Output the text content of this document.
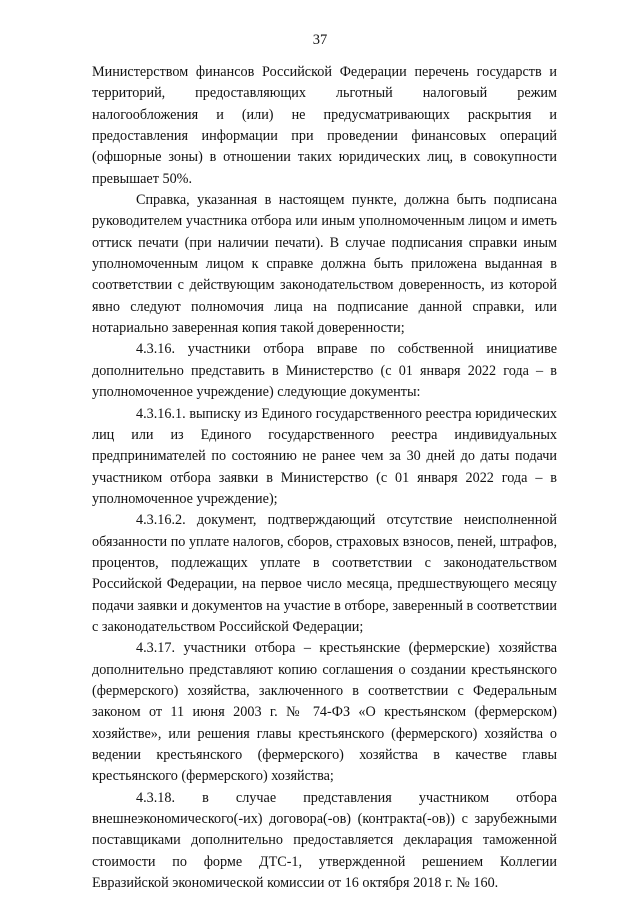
37

Министерством финансов Российской Федерации перечень государств и территорий, предоставляющих льготный налоговый режим налогообложения и (или) не предусматривающих раскрытия и предоставления информации при проведении финансовых операций (офшорные зоны) в отношении таких юридических лиц, в совокупности превышает 50%.

Справка, указанная в настоящем пункте, должна быть подписана руководителем участника отбора или иным уполномоченным лицом и иметь оттиск печати (при наличии печати). В случае подписания справки иным уполномоченным лицом к справке должна быть приложена выданная в соответствии с действующим законодательством доверенность, из которой явно следуют полномочия лица на подписание данной справки, или нотариально заверенная копия такой доверенности;

4.3.16. участники отбора вправе по собственной инициативе дополнительно представить в Министерство (с 01 января 2022 года – в уполномоченное учреждение) следующие документы:

4.3.16.1. выписку из Единого государственного реестра юридических лиц или из Единого государственного реестра индивидуальных предпринимателей по состоянию не ранее чем за 30 дней до даты подачи участником отбора заявки в Министерство (с 01 января 2022 года – в уполномоченное учреждение);

4.3.16.2. документ, подтверждающий отсутствие неисполненной обязанности по уплате налогов, сборов, страховых взносов, пеней, штрафов, процентов, подлежащих уплате в соответствии с законодательством Российской Федерации, на первое число месяца, предшествующего месяцу подачи заявки и документов на участие в отборе, заверенный в соответствии с законодательством Российской Федерации;

4.3.17. участники отбора – крестьянские (фермерские) хозяйства дополнительно представляют копию соглашения о создании крестьянского (фермерского) хозяйства, заключенного в соответствии с Федеральным законом от 11 июня 2003 г. № 74-ФЗ «О крестьянском (фермерском) хозяйстве», или решения главы крестьянского (фермерского) хозяйства о ведении крестьянского (фермерского) хозяйства в качестве главы крестьянского (фермерского) хозяйства;

4.3.18. в случае представления участником отбора внешнеэкономического(-их) договора(-ов) (контракта(-ов)) с зарубежными поставщиками дополнительно предоставляется декларация таможенной стоимости по форме ДТС-1, утвержденной решением Коллегии Евразийской экономической комиссии от 16 октября 2018 г. № 160.
